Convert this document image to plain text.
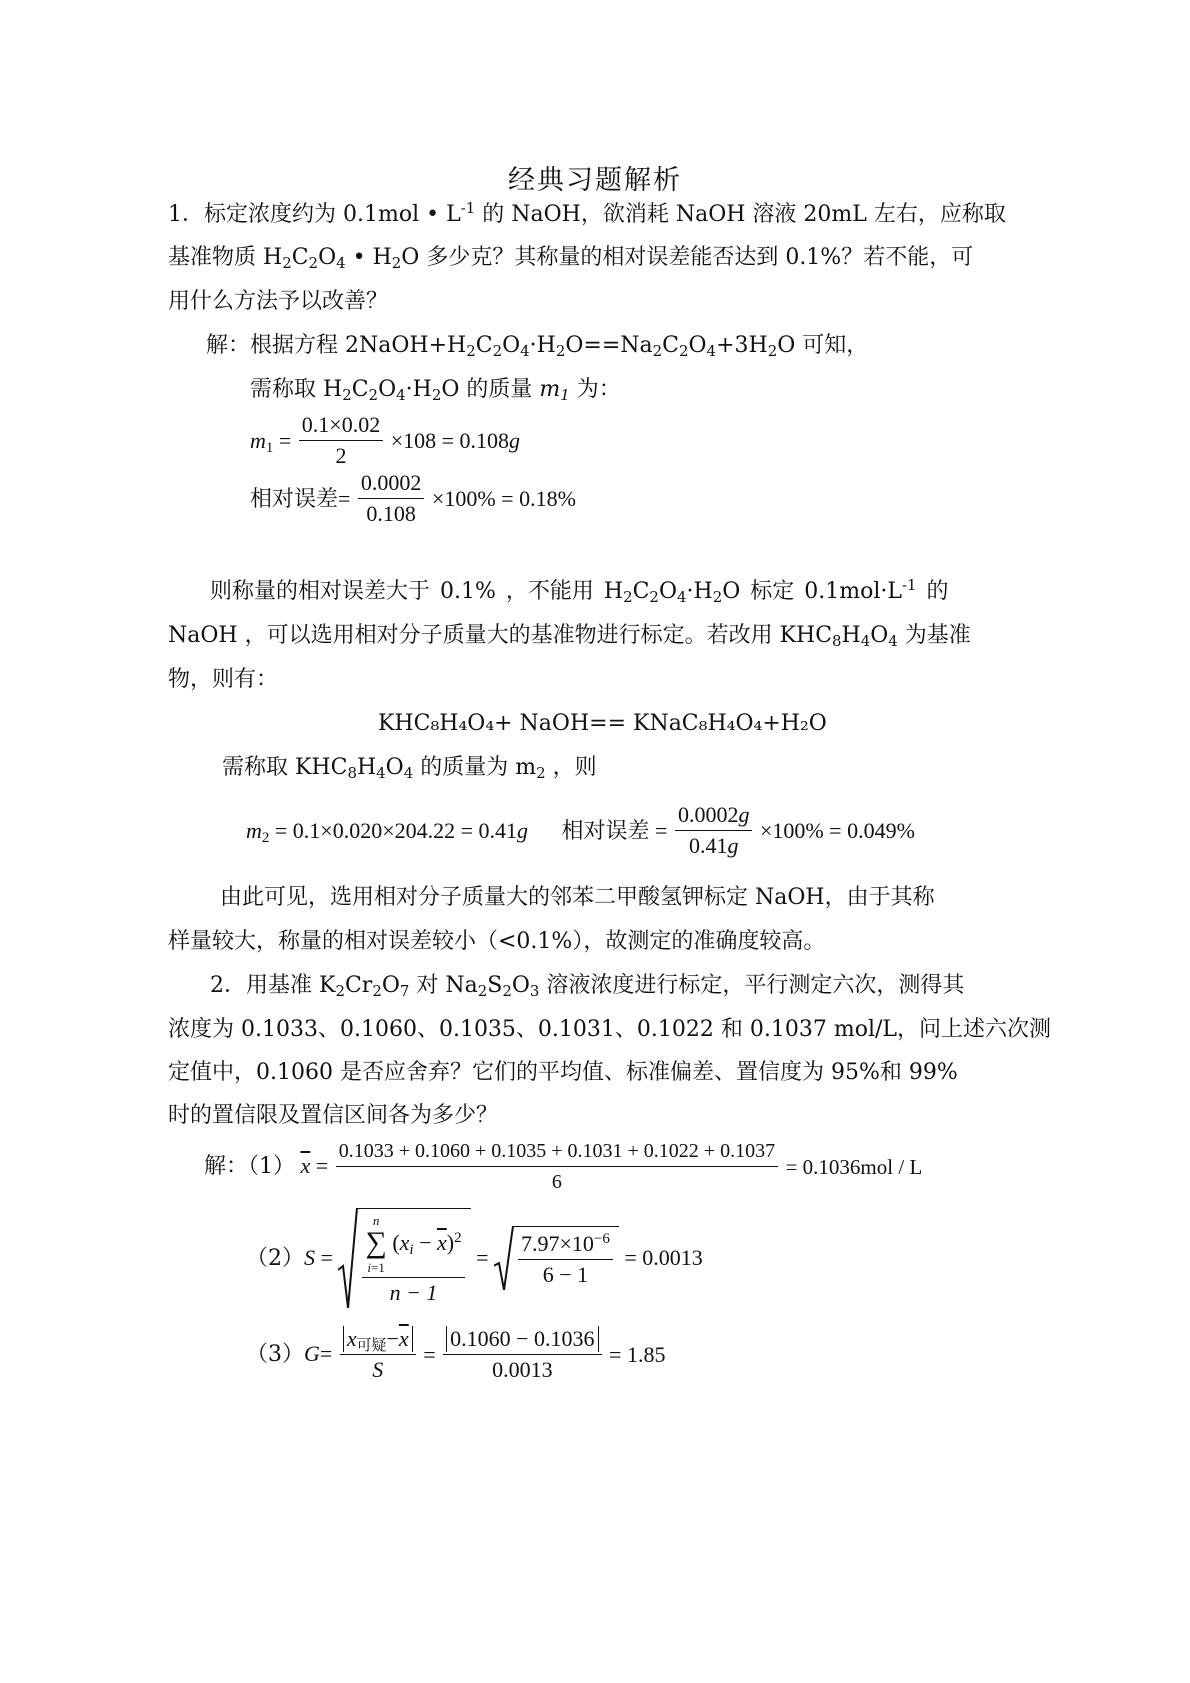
经典习题解析
1．标定浓度约为 0.1mol • $L^{-1}$ 的 NaOH，欲消耗 NaOH 溶液 20mL 左右，应称取
基准物质 $H_2C_2O_4$ • $H_2O$ 多少克？其称量的相对误差能否达到 0.1%？若不能，可
用什么方法予以改善？
解：根据方程 $2NaOH+H_2C_2O_4\cdot H_2O==Na_2C_2O_4+3H_2O$ 可知，
需称取 $H_2C_2O_4\cdot H_2O$ 的质量 $m_1$ 为：
$m_1 = \frac{0.1\times 0.02}{2} \times 108 = 0.108g$
相对误差= $\frac{0.0002}{0.108} \times 100\% = 0.18\%$
则称量的相对误差大于 0.1% ，不能用 $H_2C_2O_4\cdot H_2O$ 标定 $0.1mol\cdot L^{-1}$ 的
NaOH ，可以选用相对分子质量大的基准物进行标定。若改用 $KHC_8H_4O_4$ 为基准
物，则有：
KHC₈H₄O₄+ NaOH== KNaC₈H₄O₄+H₂O
需称取 $KHC_8H_4O_4$ 的质量为 $m_2$ ，则
$m_2 = 0.1\times 0.020\times 204.22 = 0.41g$ 相对误差 = $\frac{0.0002g}{0.41g} \times 100\% = 0.049\%$
由此可见，选用相对分子质量大的邻苯二甲酸氢钾标定 NaOH，由于其称
样量较大，称量的相对误差较小（<0.1%），故测定的准确度较高。
2．用基准 $K_2Cr_2O_7$ 对 $Na_2S_2O_3$ 溶液浓度进行标定，平行测定六次，测得其
浓度为 0.1033、0.1060、0.1035、0.1031、0.1022 和 0.1037 mol/L，问上述六次测
定值中，0.1060 是否应舍弃？它们的平均值、标准偏差、置信度为 95%和 99%
时的置信限及置信区间各为多少？
解：（1） $\overline{x} = \frac{0.1033 + 0.1060 + 0.1035 + 0.1031 + 0.1022 + 0.1037}{6} = 0.1036mol / L$
（2）S = n
∑
i=1 $(x_i - \overline{x})^2$
$n - 1 = \frac{7.97\times 10^{-6}}{6 - 1} = 0.0013$
$(3)G= \frac{x_{可疑}-\overline{x}}{S} = \frac{0.1060 - 0.1036}{0.0013} = 1.85$
